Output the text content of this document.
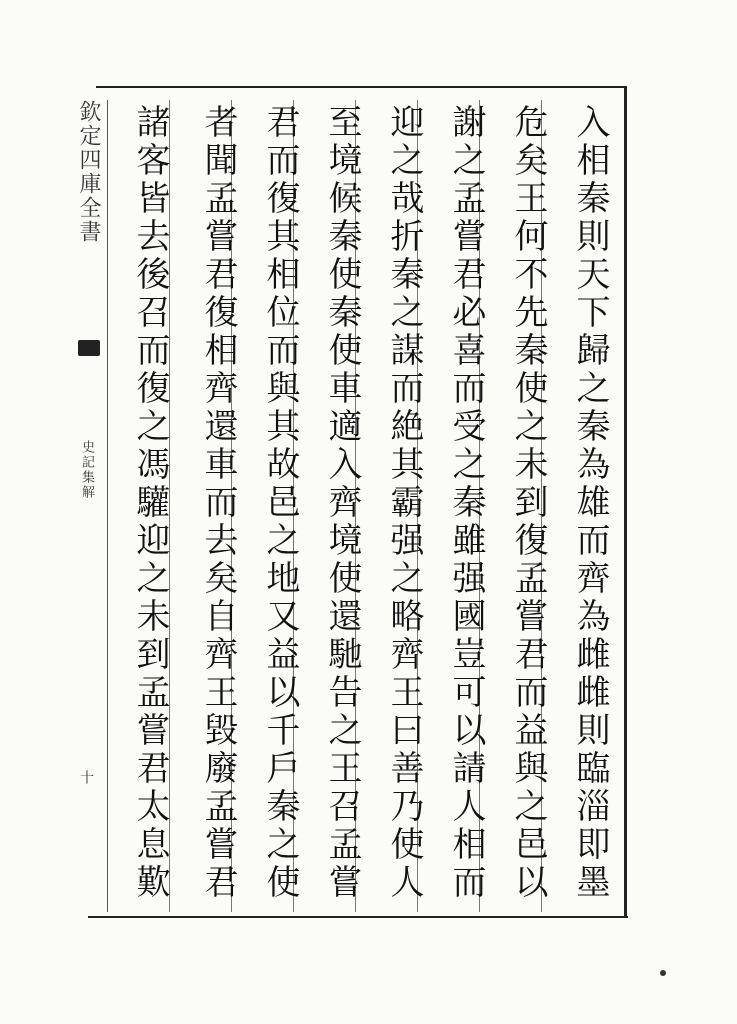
欽定四庫全書
史記集解
十	入相秦則天下歸之秦為雄而齊為雌雌則臨淄即墨
危矣王何不先秦使之未到復孟嘗君而益與之邑以
謝之孟嘗君必喜而受之秦雖强國豈可以請人相而
迎之哉折秦之謀而絶其霸强之略齊王曰善乃使人
至境候秦使秦使車適入齊境使還馳告之王召孟嘗
君而復其相位而與其故邑之地又益以千戶秦之使
者聞孟嘗君復相齊還車而去矣自齊王毀廢孟嘗君
諸客皆去後召而復之馮驩迎之未到孟嘗君太息歎
